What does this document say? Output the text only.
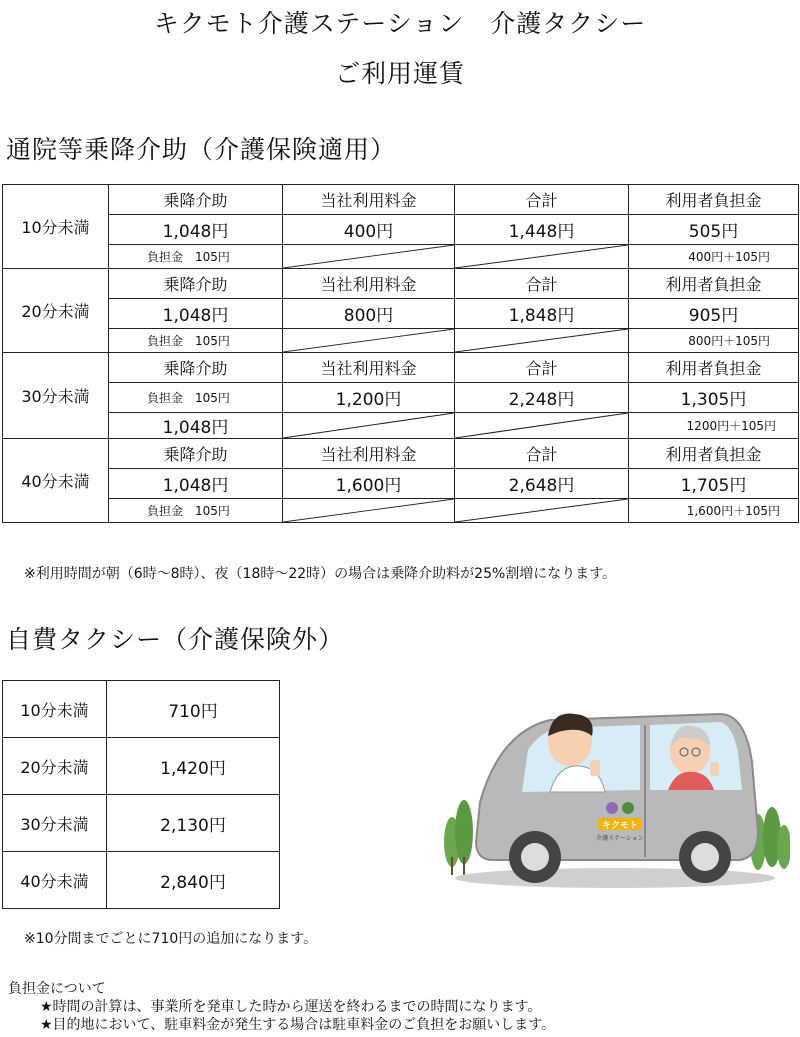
キクモト介護ステーション　介護タクシー
ご利用運賃
通院等乗降介助（介護保険適用）
10分未満	乗降介助	当社利用料金	合計	利用者負担金
	1,048円	400円	1,448円	505円
	負担金　105円			400円＋105円
20分未満	乗降介助	当社利用料金	合計	利用者負担金
	1,048円	800円	1,848円	905円
	負担金　105円			800円＋105円
30分未満	乗降介助	当社利用料金	合計	利用者負担金
	負担金　105円	1,200円	2,248円	1,305円
	1,048円			1200円＋105円
40分未満	乗降介助	当社利用料金	合計	利用者負担金
	1,048円	1,600円	2,648円	1,705円
	負担金　105円			1,600円＋105円
※利用時間が朝（6時～8時）、夜（18時～22時）の場合は乗降介助料が25%割増になります。
自費タクシー（介護保険外）
10分未満	710円
20分未満	1,420円
30分未満	2,130円
40分未満	2,840円
※10分間までごとに710円の追加になります。
キクモト
介護ステーション
負担金について
★時間の計算は、事業所を発車した時から運送を終わるまでの時間になります。
★目的地において、駐車料金が発生する場合は駐車料金のご負担をお願いします。
